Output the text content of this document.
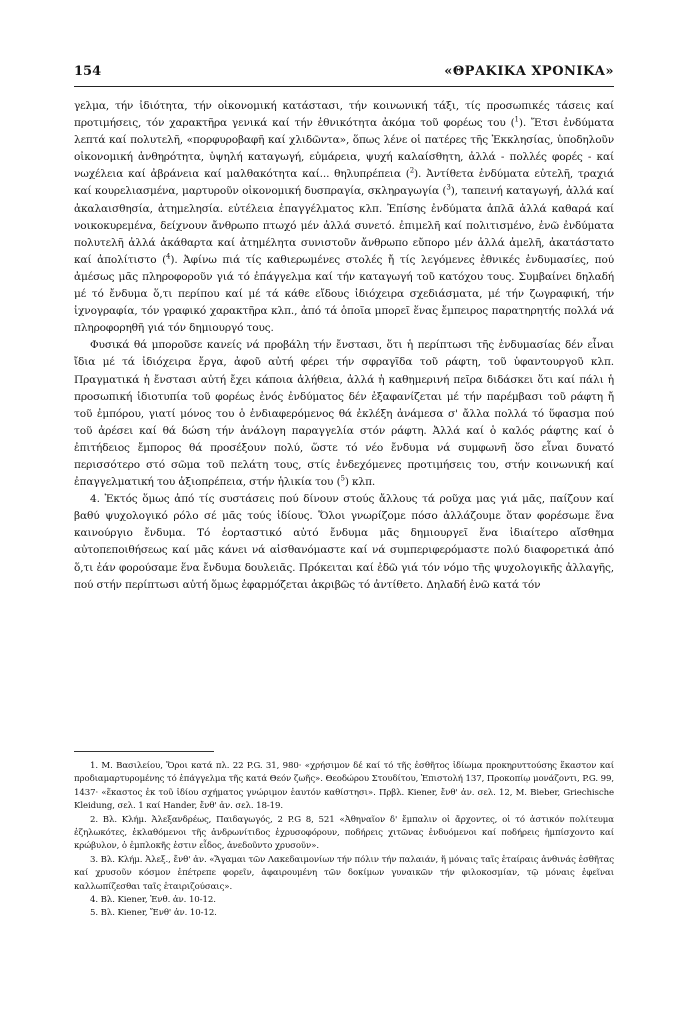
154	«ΘΡΑΚΙΚΑ ΧΡΟΝΙΚΑ»

γελμα, τήν ἰδιότητα, τήν οἰκονομική κατάστασι, τήν κοινωνική τάξι, τίς προσωπικές τάσεις καί προτιμήσεις, τόν χαρακτῆρα γενικά καί τήν ἐθνικότητα ἀκόμα τοῦ φορέως του ($^1$). Ἔτσι ἐνδύματα λεπτά καί πολυτελῆ, «πορφυροβαφῆ καί χλιδῶντα», ὅπως λένε οἱ πατέρες τῆς Ἐκκλησίας, ὑποδηλοῦν οἰκονομική ἀνθηρότητα, ὑψηλή καταγωγή, εὐμάρεια, ψυχή καλαίσθητη, ἀλλά - πολλές φορές - καί νωχέλεια καί ἀβράνεια καί μαλθακότητα καί... θηλυπρέπεια ($^2$). Ἀντίθετα ἐνδύματα εὐτελῆ, τραχιά καί κουρελιασμένα, μαρτυροῦν οἰκονομική δυσπραγία, σκληραγωγία ($^3$), ταπεινή καταγωγή, ἀλλά καί ἀκαλαισθησία, ἀτημελησία. εὐτέλεια ἐπαγγέλματος κλπ. Ἐπίσης ἐνδύματα ἁπλᾶ ἀλλά καθαρά καί νοικοκυρεμένα, δείχνουν ἄνθρωπο πτωχό μέν ἀλλά συνετό. ἐπιμελῆ καί πολιτισμένο, ἐνῶ ἐνδύματα πολυτελῆ ἀλλά ἀκάθαρτα καί ἀτημέλητα συνιστοῦν ἄνθρωπο εὔπορο μέν ἀλλά ἀμελῆ, ἀκατάστατο καί ἀπολίτιστο ($^4$). Ἀφίνω πιά τίς καθιερωμένες στολές ἤ τίς λεγόμενες ἐθνικές ἐνδυμασίες, πού ἀμέσως μᾶς πληροφοροῦν γιά τό ἐπάγγελμα καί τήν καταγωγή τοῦ κατόχου τους. Συμβαίνει δηλαδή μέ τό ἔνδυμα ὅ,τι περίπου καί μέ τά κάθε εἴδους ἰδιόχειρα σχεδιάσματα, μέ τήν ζωγραφική, τήν ἰχνογραφία, τόν γραφικό χαρακτῆρα κλπ., ἀπό τά ὁποῖα μπορεῖ ἕνας ἔμπειρος παρατηρητής πολλά νά πληροφορηθῆ γιά τόν δημιουργό τους.

Φυσικά θά μποροῦσε κανείς νά προβάλη τήν ἔνστασι, ὅτι ἡ περίπτωσι τῆς ἐνδυμασίας δέν εἶναι ἴδια μέ τά ἰδιόχειρα ἔργα, ἀφοῦ αὐτή φέρει τήν σφραγῖδα τοῦ ράφτη, τοῦ ὑφαντουργοῦ κλπ. Πραγματικά ἡ ἔνστασι αὐτή ἔχει κάποια ἀλήθεια, ἀλλά ἡ καθημερινή πεῖρα διδάσκει ὅτι καί πάλι ἡ προσωπική ἰδιοτυπία τοῦ φορέως ἑνός ἐνδύματος δέν ἐξαφανίζεται μέ τήν παρέμβασι τοῦ ράφτη ἤ τοῦ ἐμπόρου, γιατί μόνος του ὁ ἐνδιαφερόμενος θά ἐκλέξη ἀνάμεσα σ' ἄλλα πολλά τό ὕφασμα πού τοῦ ἀρέσει καί θά δώση τήν ἀνάλογη παραγγελία στόν ράφτη. Ἀλλά καί ὁ καλός ράφτης καί ὁ ἐπιτήδειος ἔμπορος θά προσέξουν πολύ, ὥστε τό νέο ἔνδυμα νά συμφωνῆ ὅσο εἶναι δυνατό περισσότερο στό σῶμα τοῦ πελάτη τους, στίς ἐνδεχόμενες προτιμήσεις του, στήν κοινωνική καί ἐπαγγελματική του ἀξιοπρέπεια, στήν ἡλικία του ($^5$) κλπ.

4. Ἐκτός ὅμως ἀπό τίς συστάσεις πού δίνουν στούς ἄλλους τά ροῦχα μας γιά μᾶς, παίζουν καί βαθύ ψυχολογικό ρόλο σέ μᾶς τούς ἰδίους. Ὅλοι γνωρίζομε πόσο ἀλλάζουμε ὅταν φορέσωμε ἕνα καινούργιο ἔνδυμα. Τό ἑορταστικό αὐτό ἔνδυμα μᾶς δημιουργεῖ ἕνα ἰδιαίτερο αἴσθημα αὐτοπεποιθήσεως καί μᾶς κάνει νά αἰσθανόμαστε καί νά συμπεριφερόμαστε πολύ διαφορετικά ἀπό ὅ,τι ἐάν φορούσαμε ἕνα ἔνδυμα δουλειᾶς. Πρόκειται καί ἐδῶ γιά τόν νόμο τῆς ψυχολογικῆς ἀλλαγῆς, πού στήν περίπτωσι αὐτή ὅμως ἐφαρμόζεται ἀκριβῶς τό ἀντίθετο. Δηλαδή ἐνῶ κατά τόν

1. Μ. Βασιλείου, Ὅροι κατά πλ. 22 P.G. 31, 980· «χρήσιμον δέ καί τό τῆς ἐσθῆτος ἰδίωμα προκηρυττούσης ἕκαστον καί προδιαμαρτυρομένης τό ἐπάγγελμα τῆς κατά Θεόν ζωῆς». Θεοδώρου Στουδίτου, Ἐπιστολή 137, Προκοπίῳ μονάζοντι, P.G. 99, 1437· «ἕκαστος ἐκ τοῦ ἰδίου σχήματος γνώριμον ἑαυτόν καθίστησι». Πρβλ. Kiener, ἔνθ' ἀν. σελ. 12, M. Bieber, Griechische Kleidung, σελ. 1 καί Hander, ἔνθ' ἀν. σελ. 18-19.

2. Βλ. Κλήμ. Ἀλεξανδρέως, Παιδαγωγός, 2 P.G 8, 521 «Ἀθηναῖον δ' ἔμπαλιν οἱ ἄρχοντες, οἱ τό ἀστικόν πολίτευμα ἐζηλωκότες, ἐκλαθόμενοι τῆς ἀνδρωνίτιδος ἐχρυσοφόρουν, ποδήρεις χιτῶνας ἐνδυόμενοι καί ποδήρεις ἡμπίσχοντο καί κρώβυλον, ὁ ἐμπλοκῆς ἐστιν εἶδος, ἀνεδοῦντο χρυσοῦν».

3. Βλ. Κλήμ. Ἀλεξ., ἔνθ' ἀν. «Ἄγαμαι τῶν Λακεδαιμονίων τήν πόλιν τήν παλαιάν, ἥ μόναις ταῖς ἑταίραις ἀνθινάς ἐσθῆτας καί χρυσοῦν κόσμον ἐπέτρεπε φορεῖν, ἀφαιρουμένη τῶν δοκίμων γυναικῶν τήν φιλοκοσμίαν, τῷ μόναις ἐφεῖναι καλλωπίζεσθαι ταῖς ἑταιριζούσαις».

4. Βλ. Kiener, Ἐνθ. ἀν. 10-12.

5. Βλ. Kiener, Ἔνθ' ἀν. 10-12.
